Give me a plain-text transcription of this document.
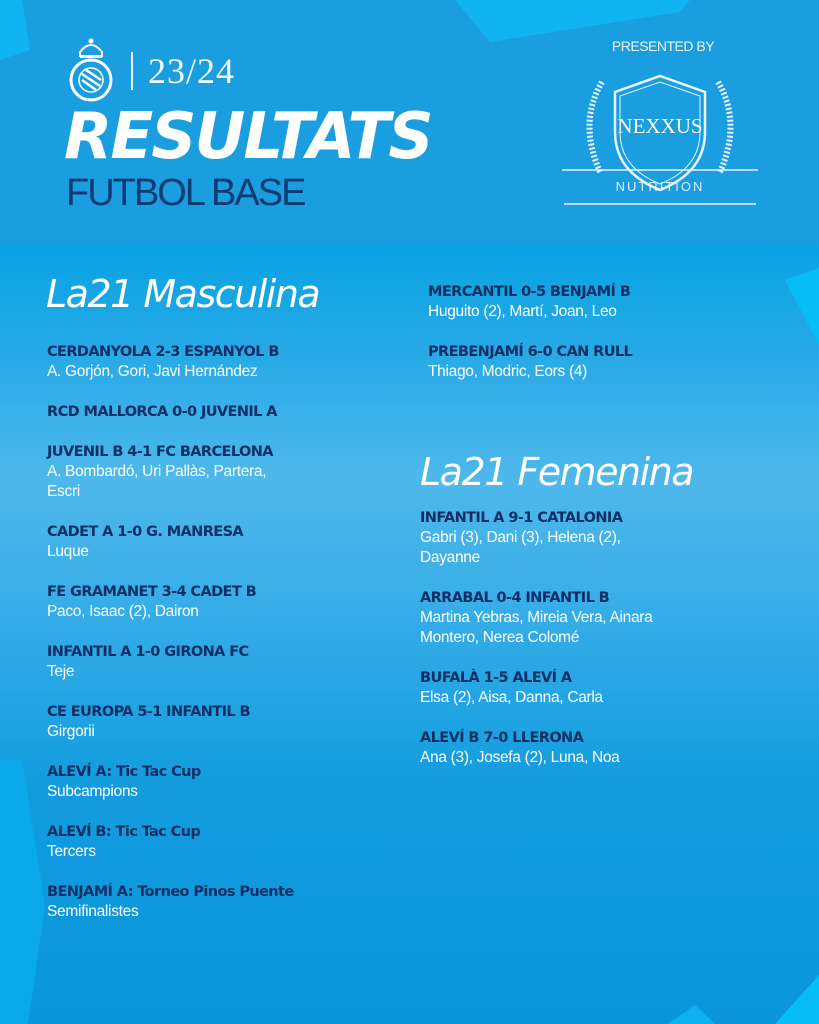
23/24
RESULTATS
FUTBOL BASE
PRESENTED BY
NEXXUS
NUTRITION
La21 Masculina
CERDANYOLA 2-3 ESPANYOL B
A. Gorjón, Gori, Javi Hernández
RCD MALLORCA 0-0 JUVENIL A
JUVENIL B 4-1 FC BARCELONA
A. Bombardó, Uri Pallàs, Partera, Escri
CADET A 1-0 G. MANRESA
Luque
FE GRAMANET 3-4 CADET B
Paco, Isaac (2), Dairon
INFANTIL A 1-0 GIRONA FC
Teje
CE EUROPA 5-1 INFANTIL B
Girgorii
ALEVÍ A: Tic Tac Cup
Subcampions
ALEVÍ B: Tic Tac Cup
Tercers
BENJAMÍ A: Torneo Pinos Puente
Semifinalistes
MERCANTIL 0-5 BENJAMÍ B
Huguito (2), Martí, Joan, Leo
PREBENJAMÍ 6-0 CAN RULL
Thiago, Modric, Eors (4)
La21 Femenina
INFANTIL A 9-1 CATALONIA
Gabri (3), Dani (3), Helena (2), Dayanne
ARRABAL 0-4 INFANTIL B
Martina Yebras, Mireia Vera, Ainara Montero, Nerea Colomé
BUFALÀ 1-5 ALEVÍ A
Elsa (2), Aisa, Danna, Carla
ALEVÍ B 7-0 LLERONA
Ana (3), Josefa (2), Luna, Noa
